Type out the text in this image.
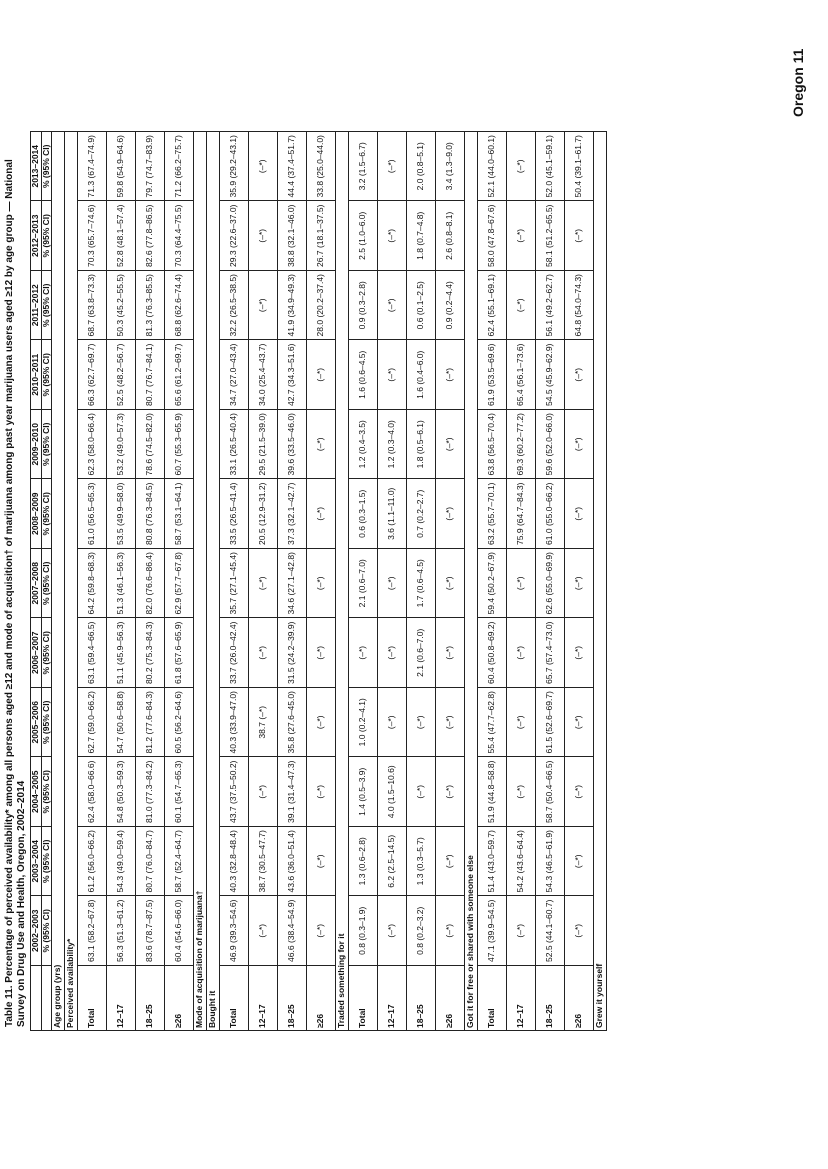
Table 11. Percentage of perceived availability* among all persons aged ≥12 and mode of acquisition† of marijuana among past year marijuana users aged ≥12 by age group — National Survey on Drug Use and Health, Oregon, 2002–2014
	2002–2003	2003–2004	2004–2005	2005–2006	2006–2007	2007–2008	2008–2009	2009–2010	2010–2011	2011–2012	2012–2013	2013–2014
	% (95% CI)	% (95% CI)	% (95% CI)	% (95% CI)	% (95% CI)	% (95% CI)	% (95% CI)	% (95% CI)	% (95% CI)	% (95% CI)	% (95% CI)	% (95% CI)
Age group (yrs)												
Perceived availability*												
Total	63.1 (58.2–67.8)	61.2 (56.0–66.2)	62.4 (58.0–66.6)	62.7 (59.0–66.2)	63.1 (59.4–66.5)	64.2 (59.8–68.3)	61.0 (56.5–65.3)	62.3 (58.0–66.4)	66.3 (62.7–69.7)	68.7 (63.8–73.3)	70.3 (65.7–74.6)	71.3 (67.4–74.9)
12–17	56.3 (51.3–61.2)	54.3 (49.0–59.4)	54.8 (50.3–59.3)	54.7 (50.6–58.8)	51.1 (45.9–56.3)	51.3 (46.1–56.3)	53.5 (49.9–58.0)	53.2 (49.0–57.3)	52.5 (48.2–56.7)	50.3 (45.2–55.5)	52.8 (48.1–57.4)	59.8 (54.9–64.6)
18–25	83.6 (78.7–87.5)	80.7 (76.0–84.7)	81.0 (77.3–84.2)	81.2 (77.6–84.3)	80.2 (75.3–84.3)	82.0 (76.6–86.4)	80.8 (76.3–84.5)	78.6 (74.5–82.0)	80.7 (76.7–84.1)	81.3 (76.3–85.5)	82.6 (77.8–86.5)	79.7 (74.7–83.9)
≥26	60.4 (54.6–66.0)	58.7 (52.4–64.7)	60.1 (54.7–65.3)	60.5 (56.2–64.6)	61.8 (57.6–65.9)	62.9 (57.7–67.8)	58.7 (53.1–64.1)	60.7 (55.3–65.9)	65.6 (61.2–69.7)	68.8 (62.6–74.4)	70.3 (64.4–75.5)	71.2 (66.2–75.7)
Mode of acquisition of marijuana†												
Bought it												
Total	46.9 (39.3–54.6)	40.3 (32.8–48.4)	43.7 (37.5–50.2)	40.3 (33.9–47.0)	33.7 (26.0–42.4)	35.7 (27.1–45.4)	33.5 (26.5–41.4)	33.1 (26.5–40.4)	34.7 (27.0–43.4)	32.2 (26.5–38.5)	29.3 (22.6–37.0)	35.9 (29.2–43.1)
12–17	(–*)	38.7 (30.5–47.7)	(–*)	38.7 (–*)	(–*)	(–*)	20.5 (12.9–31.2)	29.5 (21.5–39.0)	34.0 (25.4–43.7)	(–*)	(–*)	(–*)
18–25	46.6 (38.4–54.9)	43.6 (36.0–51.4)	39.1 (31.4–47.3)	35.8 (27.6–45.0)	31.5 (24.2–39.9)	34.6 (27.1–42.8)	37.3 (32.1–42.7)	39.6 (33.5–46.0)	42.7 (34.3–51.6)	41.9 (34.9–49.3)	38.8 (32.1–46.0)	44.4 (37.4–51.7)
≥26	(–*)	(–*)	(–*)	(–*)	(–*)	(–*)	(–*)	(–*)	(–*)	28.0 (20.2–37.4)	26.7 (18.1–37.5)	33.8 (25.0–44.0)
Traded something for it												
Total	0.8 (0.3–1.9)	1.3 (0.6–2.8)	1.4 (0.5–3.9)	1.0 (0.2–4.1)	(–*)	2.1 (0.6–7.0)	0.6 (0.3–1.5)	1.2 (0.4–3.5)	1.6 (0.6–4.5)	0.9 (0.3–2.8)	2.5 (1.0–6.0)	3.2 (1.5–6.7)
12–17	(–*)	6.2 (2.5–14.5)	4.0 (1.5–10.6)	(–*)	(–*)	(–*)	3.6 (1.1–11.0)	1.2 (0.3–4.0)	(–*)	(–*)	(–*)	(–*)
18–25	0.8 (0.2–3.2)	1.3 (0.3–5.7)	(–*)	(–*)	2.1 (0.6–7.0)	1.7 (0.6–4.5)	0.7 (0.2–2.7)	1.8 (0.5–6.1)	1.6 (0.4–6.0)	0.6 (0.1–2.5)	1.8 (0.7–4.8)	2.0 (0.8–5.1)
≥26	(–*)	(–*)	(–*)	(–*)	(–*)	(–*)	(–*)	(–*)	(–*)	0.9 (0.2–4.4)	2.6 (0.8–8.1)	3.4 (1.3–9.0)
Got it for free or shared with someone else												
Total	47.1 (39.9–54.5)	51.4 (43.0–59.7)	51.9 (44.8–58.8)	55.4 (47.7–62.8)	60.4 (50.8–69.2)	59.4 (50.2–67.9)	63.2 (55.7–70.1)	63.8 (56.5–70.4)	61.9 (53.5–69.6)	62.4 (55.1–69.1)	58.0 (47.8–67.6)	52.1 (44.0–60.1)
12–17	(–*)	54.2 (43.6–64.4)	(–*)	(–*)	(–*)	(–*)	75.9 (64.7–84.3)	69.3 (60.2–77.2)	65.4 (56.1–73.6)	(–*)	(–*)	(–*)
18–25	52.5 (44.1–60.7)	54.3 (46.5–61.9)	58.7 (50.4–66.5)	61.5 (52.6–69.7)	65.7 (57.4–73.0)	62.6 (55.0–69.9)	61.0 (55.0–66.2)	59.6 (52.0–66.0)	54.5 (45.9–62.9)	56.1 (49.2–62.7)	58.1 (51.2–65.5)	52.0 (45.1–59.1)
≥26	(–*)	(–*)	(–*)	(–*)	(–*)	(–*)	(–*)	(–*)	(–*)	64.8 (54.0–74.3)	(–*)	50.4 (39.1–61.7)
Grew it yourself												
Oregon 11
